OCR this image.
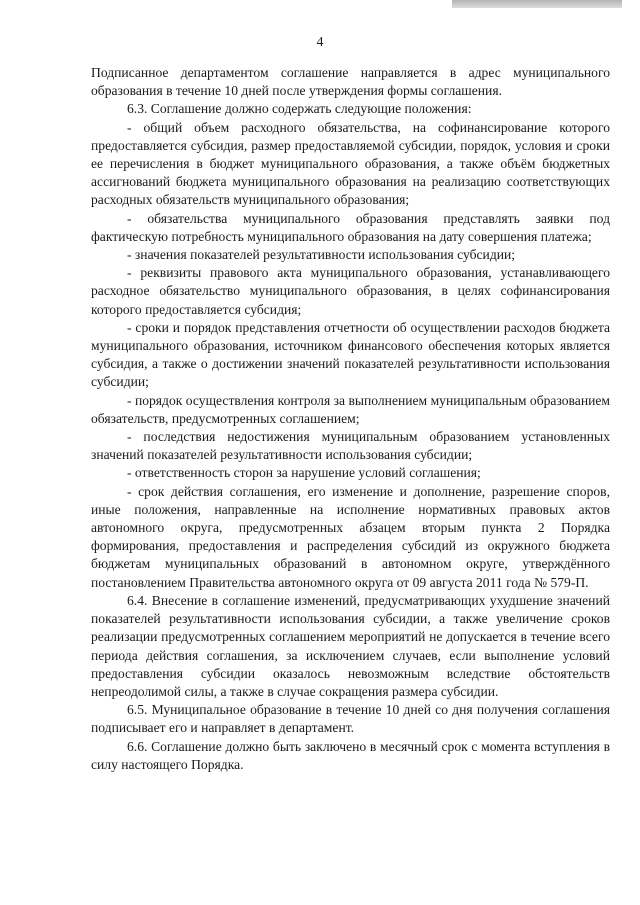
4

Подписанное департаментом соглашение направляется в адрес муниципального образования в течение 10 дней после утверждения формы соглашения.

6.3. Соглашение должно содержать следующие положения:

- общий объем расходного обязательства, на софинансирование которого предоставляется субсидия, размер предоставляемой субсидии, порядок, условия и сроки ее перечисления в бюджет муниципального образования, а также объём бюджетных ассигнований бюджета муниципального образования на реализацию соответствующих расходных обязательств муниципального образования;

- обязательства муниципального образования представлять заявки под фактическую потребность муниципального образования на дату совершения платежа;

- значения показателей результативности использования субсидии;

- реквизиты правового акта муниципального образования, устанавливающего расходное обязательство муниципального образования, в целях софинансирования которого предоставляется субсидия;

- сроки и порядок представления отчетности об осуществлении расходов бюджета муниципального образования, источником финансового обеспечения которых является субсидия, а также о достижении значений показателей результативности использования субсидии;

- порядок осуществления контроля за выполнением муниципальным образованием обязательств, предусмотренных соглашением;

- последствия недостижения муниципальным образованием установленных значений показателей результативности использования субсидии;

- ответственность сторон за нарушение условий соглашения;

- срок действия соглашения, его изменение и дополнение, разрешение споров, иные положения, направленные на исполнение нормативных правовых актов автономного округа, предусмотренных абзацем вторым пункта 2 Порядка формирования, предоставления и распределения субсидий из окружного бюджета бюджетам муниципальных образований в автономном округе, утверждённого постановлением Правительства автономного округа от 09 августа 2011 года № 579-П.

6.4. Внесение в соглашение изменений, предусматривающих ухудшение значений показателей результативности использования субсидии, а также увеличение сроков реализации предусмотренных соглашением мероприятий не допускается в течение всего периода действия соглашения, за исключением случаев, если выполнение условий предоставления субсидии оказалось невозможным вследствие обстоятельств непреодолимой силы, а также в случае сокращения размера субсидии.

6.5. Муниципальное образование в течение 10 дней со дня получения соглашения подписывает его и направляет в департамент.

6.6. Соглашение должно быть заключено в месячный срок с момента вступления в силу настоящего Порядка.
